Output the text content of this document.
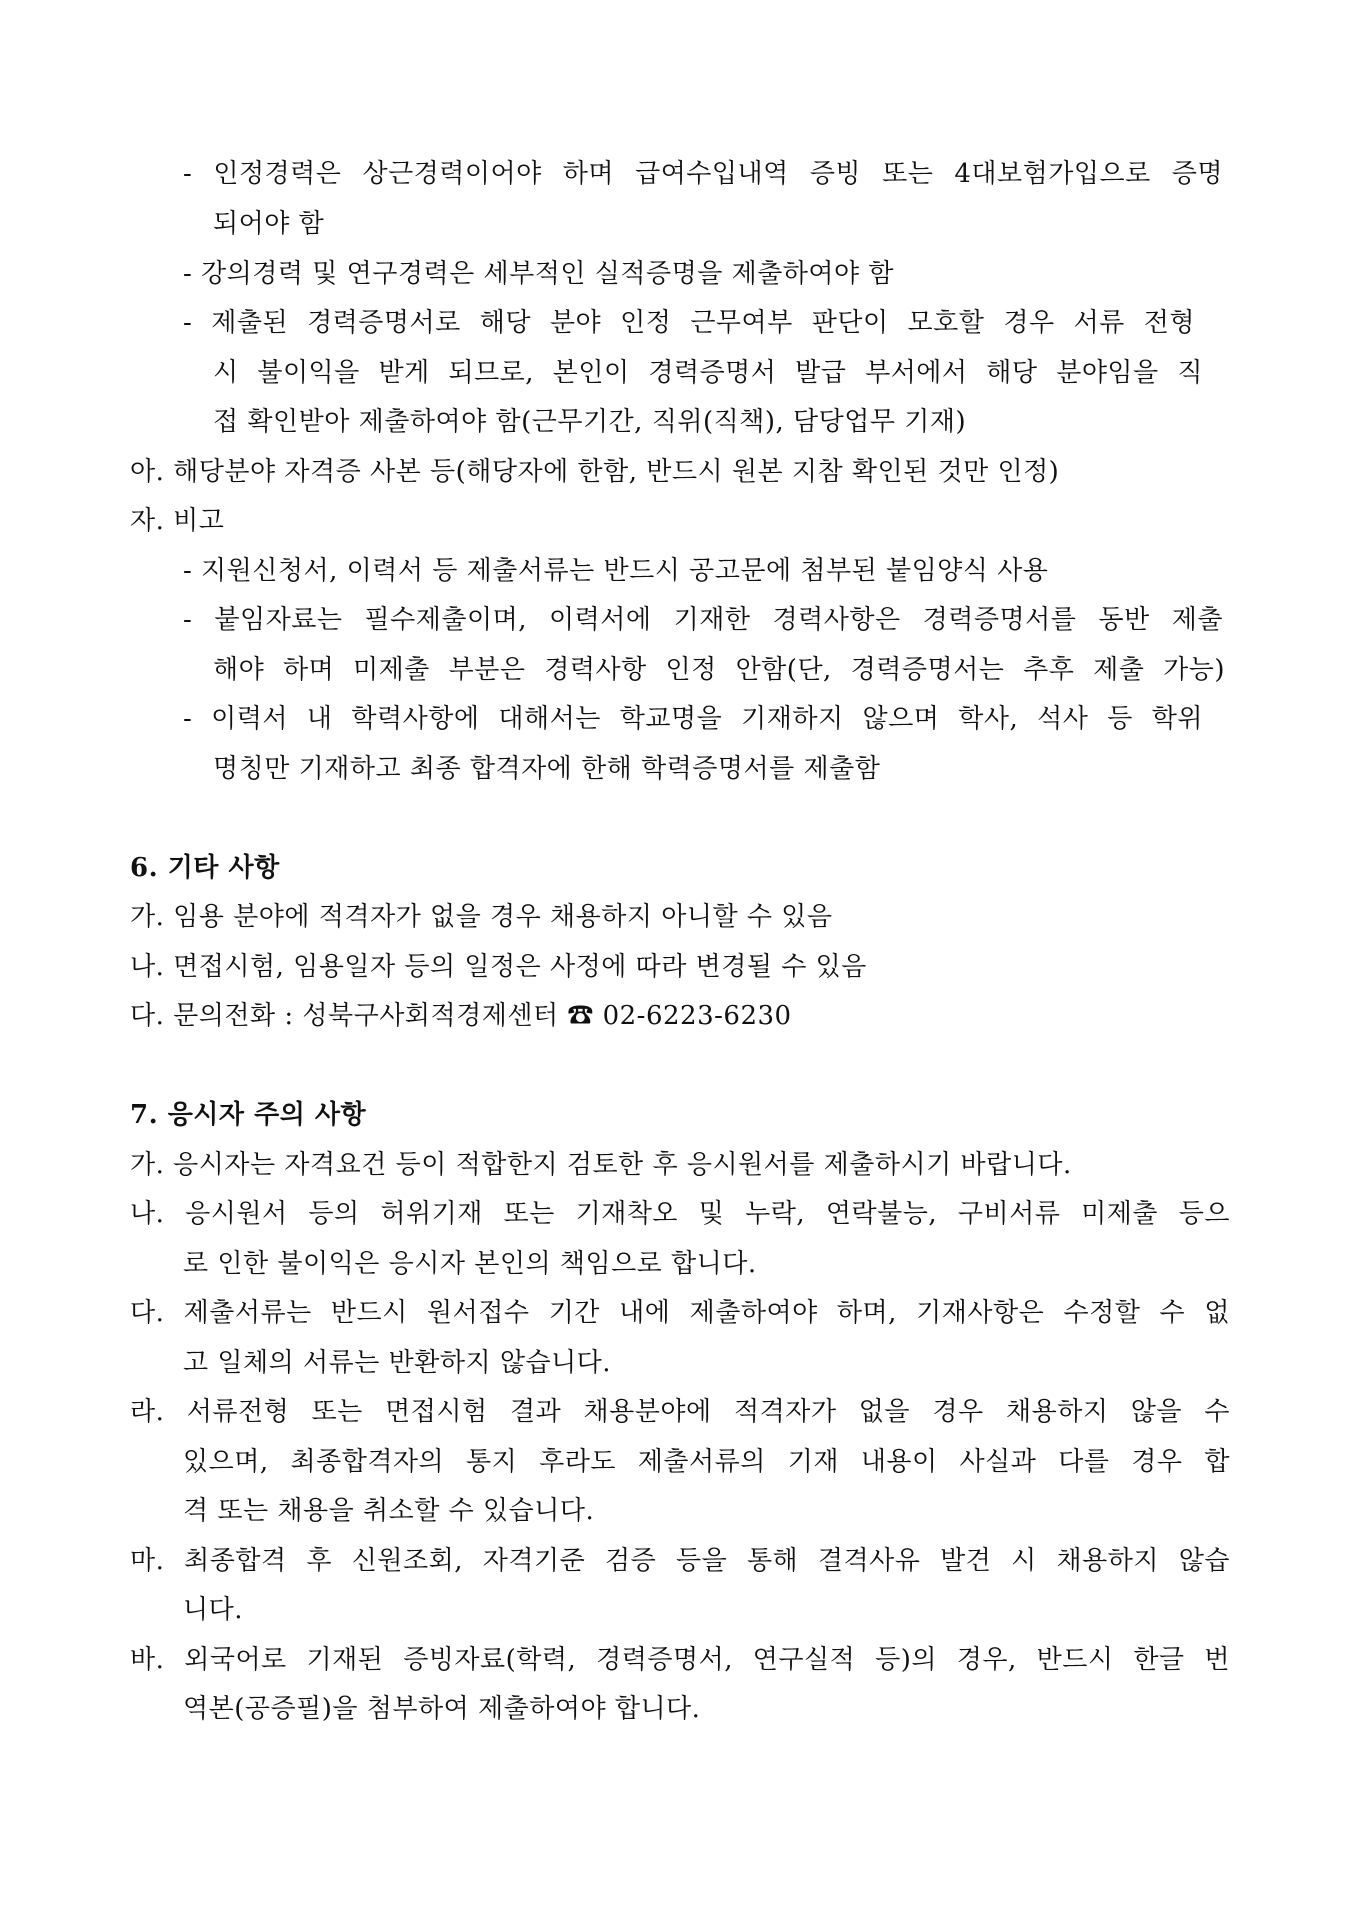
- 인정경력은 상근경력이어야 하며 급여수입내역 증빙 또는 4대보험가입으로 증명
되어야 함
- 강의경력 및 연구경력은 세부적인 실적증명을 제출하여야 함
- 제출된 경력증명서로 해당 분야 인정 근무여부 판단이 모호할 경우 서류 전형
시 불이익을 받게 되므로, 본인이 경력증명서 발급 부서에서 해당 분야임을 직
접 확인받아 제출하여야 함(근무기간, 직위(직책), 담당업무 기재)
아. 해당분야 자격증 사본 등(해당자에 한함, 반드시 원본 지참 확인된 것만 인정)
자. 비고
- 지원신청서, 이력서 등 제출서류는 반드시 공고문에 첨부된 붙임양식 사용
- 붙임자료는 필수제출이며, 이력서에 기재한 경력사항은 경력증명서를 동반 제출
해야 하며 미제출 부분은 경력사항 인정 안함(단, 경력증명서는 추후 제출 가능)
- 이력서 내 학력사항에 대해서는 학교명을 기재하지 않으며 학사, 석사 등 학위
명칭만 기재하고 최종 합격자에 한해 학력증명서를 제출함
6. 기타 사항
가. 임용 분야에 적격자가 없을 경우 채용하지 아니할 수 있음
나. 면접시험, 임용일자 등의 일정은 사정에 따라 변경될 수 있음
다. 문의전화 : 성북구사회적경제센터 ☎ 02-6223-6230
7. 응시자 주의 사항
가. 응시자는 자격요건 등이 적합한지 검토한 후 응시원서를 제출하시기 바랍니다.
나. 응시원서 등의 허위기재 또는 기재착오 및 누락, 연락불능, 구비서류 미제출 등으
로 인한 불이익은 응시자 본인의 책임으로 합니다.
다. 제출서류는 반드시 원서접수 기간 내에 제출하여야 하며, 기재사항은 수정할 수 없
고 일체의 서류는 반환하지 않습니다.
라. 서류전형 또는 면접시험 결과 채용분야에 적격자가 없을 경우 채용하지 않을 수
있으며, 최종합격자의 통지 후라도 제출서류의 기재 내용이 사실과 다를 경우 합
격 또는 채용을 취소할 수 있습니다.
마. 최종합격 후 신원조회, 자격기준 검증 등을 통해 결격사유 발견 시 채용하지 않습
니다.
바. 외국어로 기재된 증빙자료(학력, 경력증명서, 연구실적 등)의 경우, 반드시 한글 번
역본(공증필)을 첨부하여 제출하여야 합니다.
